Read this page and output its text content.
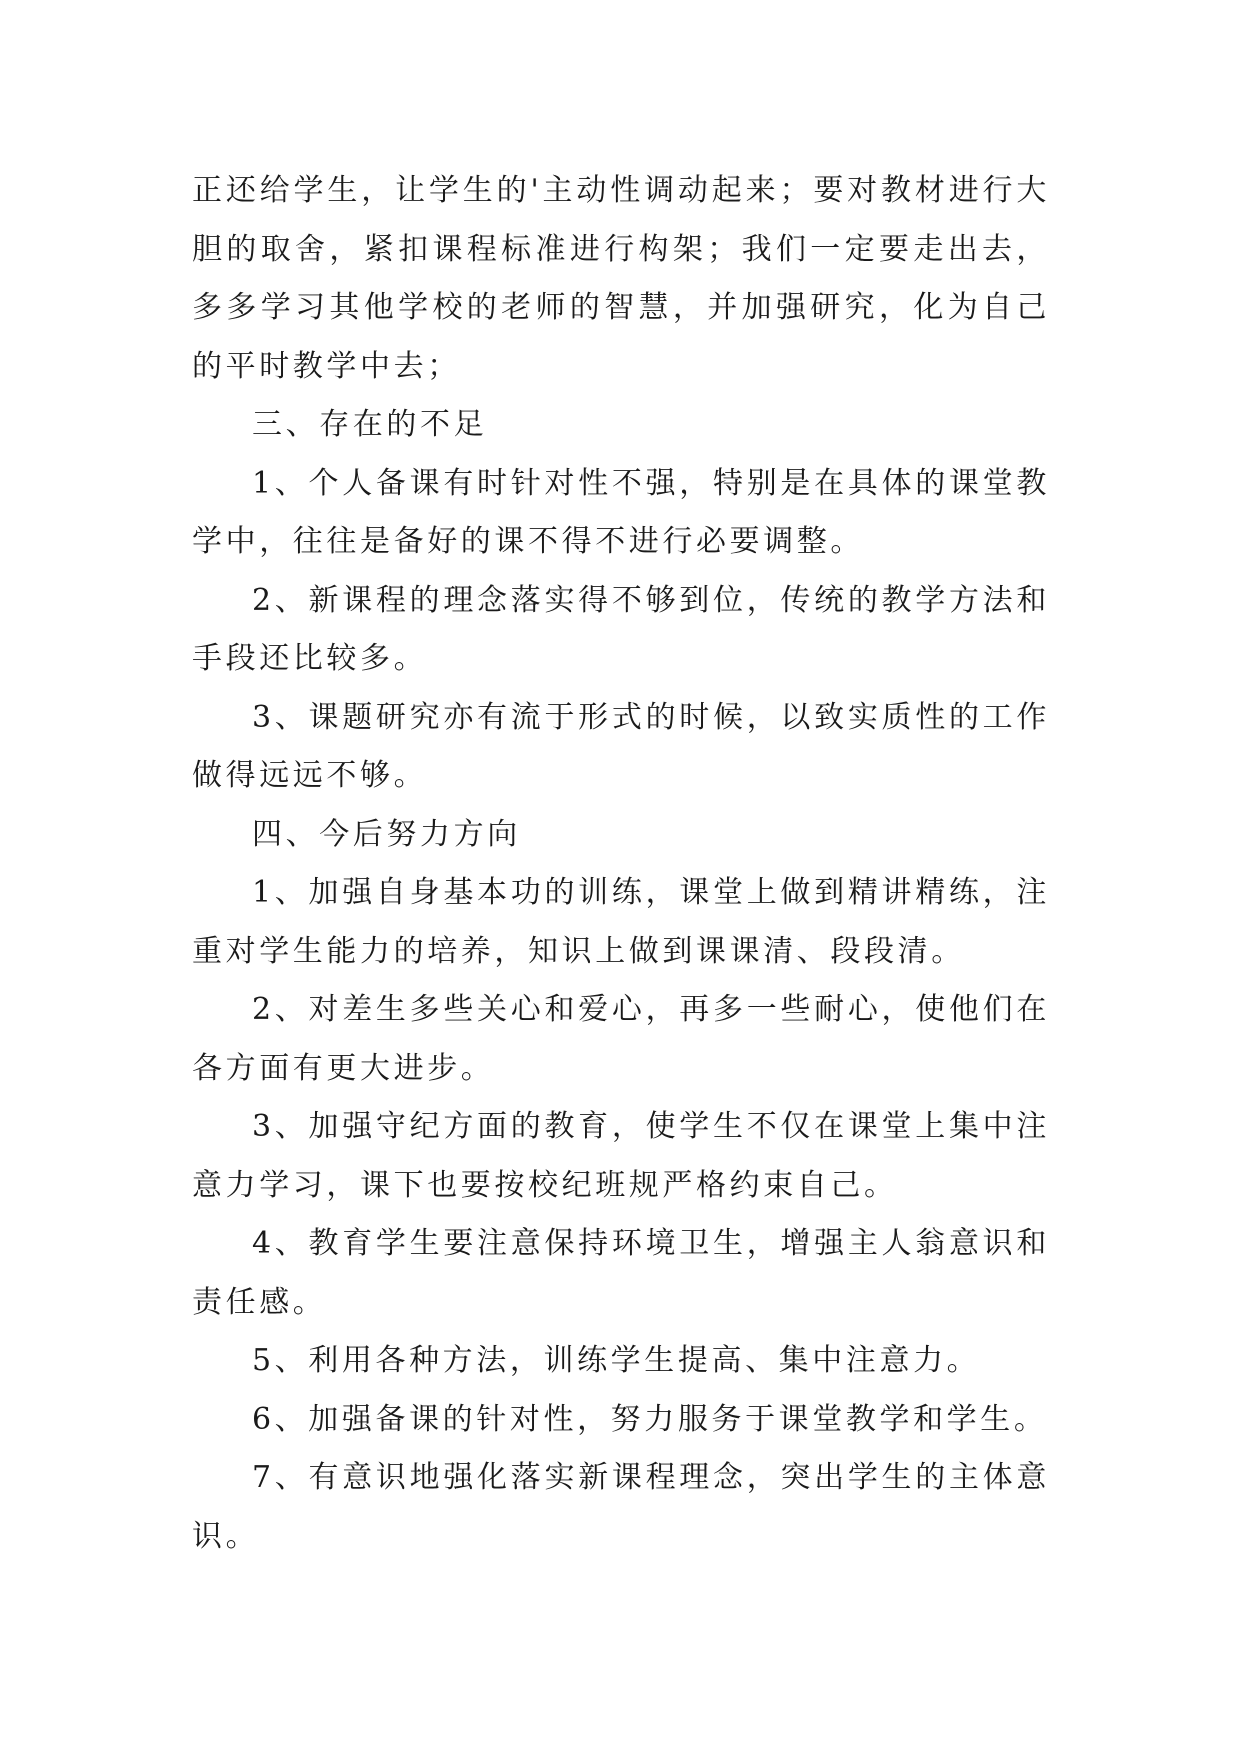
正还给学生，让学生的'主动性调动起来；要对教材进行大胆的取舍，紧扣课程标准进行构架；我们一定要走出去，多多学习其他学校的老师的智慧，并加强研究，化为自己的平时教学中去；

三、存在的不足

1、个人备课有时针对性不强，特别是在具体的课堂教学中，往往是备好的课不得不进行必要调整。

2、新课程的理念落实得不够到位，传统的教学方法和手段还比较多。

3、课题研究亦有流于形式的时候，以致实质性的工作做得远远不够。

四、今后努力方向

1、加强自身基本功的训练，课堂上做到精讲精练，注重对学生能力的培养，知识上做到课课清、段段清。

2、对差生多些关心和爱心，再多一些耐心，使他们在各方面有更大进步。

3、加强守纪方面的教育，使学生不仅在课堂上集中注意力学习，课下也要按校纪班规严格约束自己。

4、教育学生要注意保持环境卫生，增强主人翁意识和责任感。

5、利用各种方法，训练学生提高、集中注意力。

6、加强备课的针对性，努力服务于课堂教学和学生。

7、有意识地强化落实新课程理念，突出学生的主体意识。
